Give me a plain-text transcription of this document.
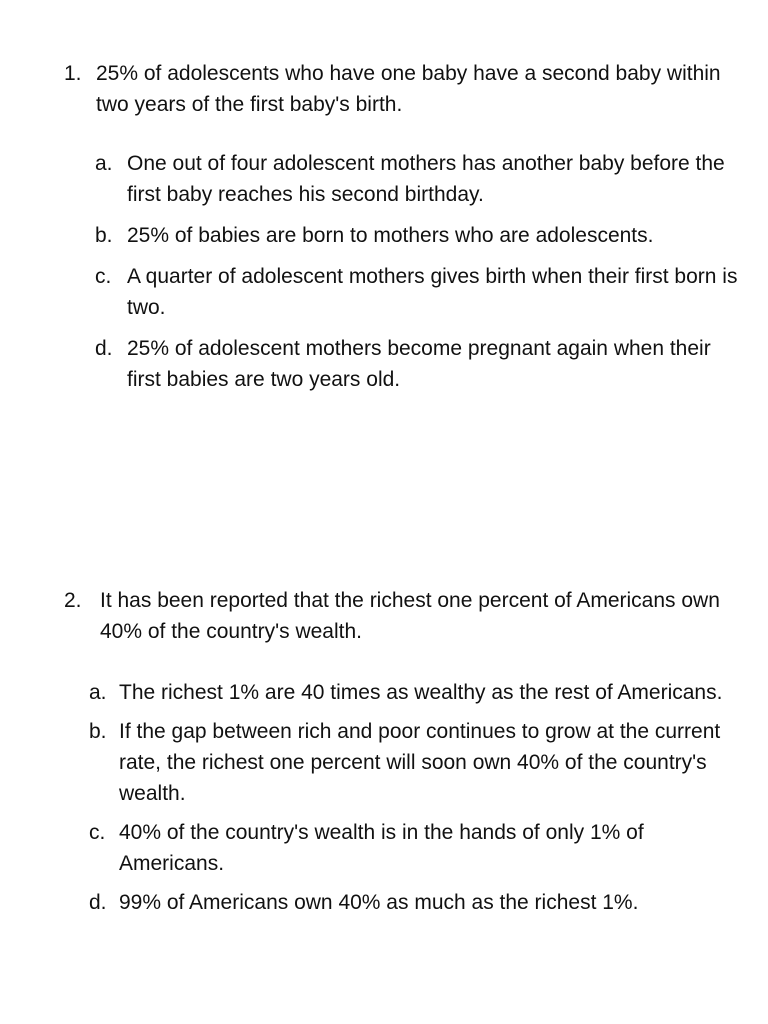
1. 25% of adolescents who have one baby have a second baby within two years of the first baby's birth.
a. One out of four adolescent mothers has another baby before the first baby reaches his second birthday.
b. 25% of babies are born to mothers who are adolescents.
c. A quarter of adolescent mothers gives birth when their first born is two.
d. 25% of adolescent mothers become pregnant again when their first babies are two years old.
2. It has been reported that the richest one percent of Americans own 40% of the country's wealth.
a. The richest 1% are 40 times as wealthy as the rest of Americans.
b. If the gap between rich and poor continues to grow at the current rate, the richest one percent will soon own 40% of the country's wealth.
c. 40% of the country's wealth is in the hands of only 1% of Americans.
d. 99% of Americans own 40% as much as the richest 1%.
